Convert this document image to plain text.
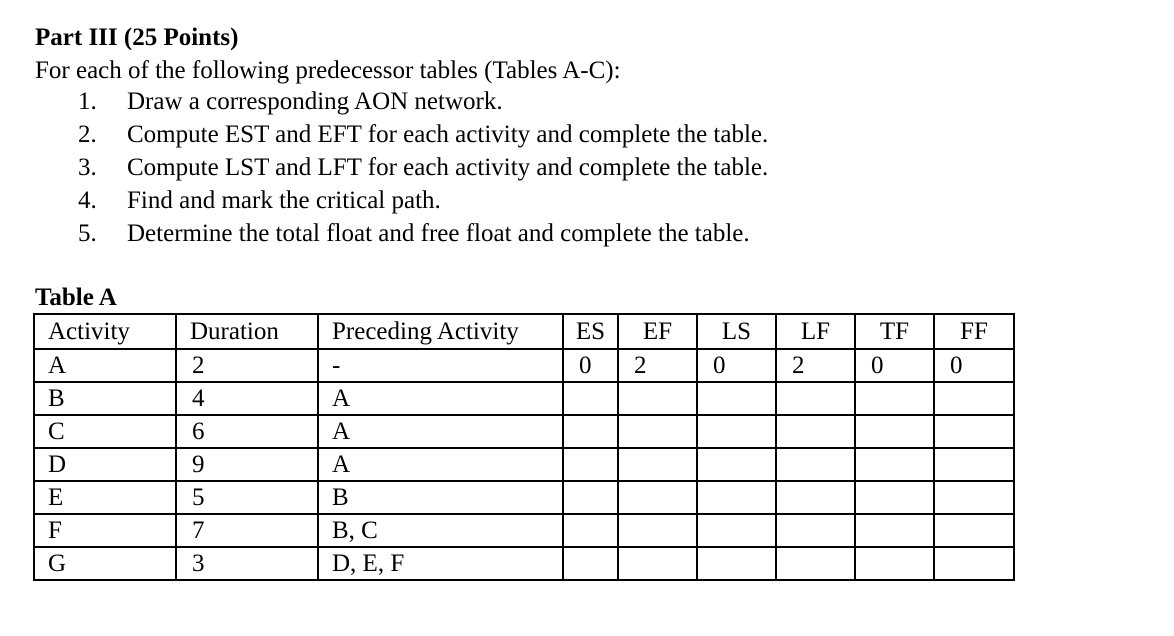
Part III (25 Points)
For each of the following predecessor tables (Tables A-C):
1.	Draw a corresponding AON network.
2.	Compute EST and EFT for each activity and complete the table.
3.	Compute LST and LFT for each activity and complete the table.
4.	Find and mark the critical path.
5.	Determine the total float and free float and complete the table.
Table A
Activity	Duration	Preceding Activity	ES	EF	LS	LF	TF	FF
A	2	-	0	2	0	2	0	0
B	4	A						
C	6	A						
D	9	A						
E	5	B						
F	7	B, C						
G	3	D, E, F						
